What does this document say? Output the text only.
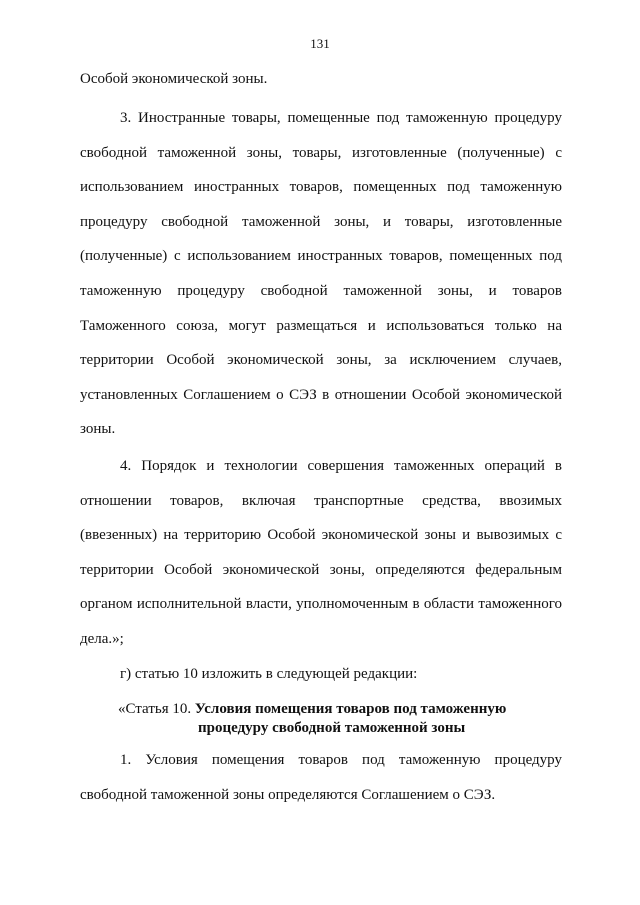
131
Особой экономической зоны.
3. Иностранные товары, помещенные под таможенную процедуру
свободной таможенной зоны, товары, изготовленные (полученные) с
использованием иностранных товаров, помещенных под таможенную
процедуру свободной таможенной зоны, и товары, изготовленные
(полученные) с использованием иностранных товаров, помещенных под
таможенную процедуру свободной таможенной зоны, и товаров
Таможенного союза, могут размещаться и использоваться только на
территории Особой экономической зоны, за исключением случаев,
установленных Соглашением о СЭЗ в отношении Особой экономической
зоны.
4. Порядок и технологии совершения таможенных операций в
отношении товаров, включая транспортные средства, ввозимых
(ввезенных) на территорию Особой экономической зоны и вывозимых с
территории Особой экономической зоны, определяются федеральным
органом исполнительной власти, уполномоченным в области таможенного
дела.»;
г) статью 10 изложить в следующей редакции:
«Статья 10. Условия помещения товаров под таможенную
процедуру свободной таможенной зоны
1. Условия помещения товаров под таможенную процедуру
свободной таможенной зоны определяются Соглашением о СЭЗ.
